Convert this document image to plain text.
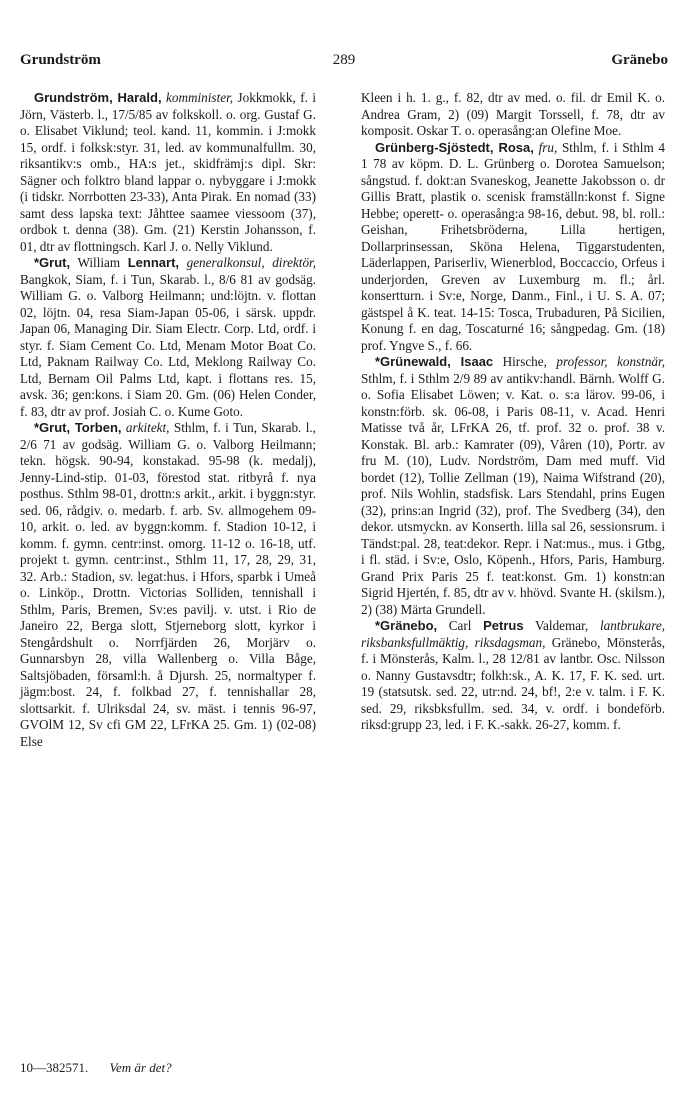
Grundström	289	Gränebo

Grundström, Harald, komminister, Jokkmokk, f. i Jörn, Västerb. l., 17/5/85 av folkskoll. o. org. Gustaf G. o. Elisabet Viklund; teol. kand. 11, kommin. i J:mokk 15, ordf. i folksk:styr. 31, led. av kommunalfullm. 30, riksantikv:s omb., HA:s jet., skidfrämj:s dipl. Skr: Sägner och folktro bland lappar o. nybyggare i J:mokk (i tidskr. Norrbotten 23-33), Anta Pirak. En nomad (33) samt dess lapska text: Jåhttee saamee viessoom (37), ordbok t. denna (38). Gm. (21) Kerstin Johansson, f. 01, dtr av flottningsch. Karl J. o. Nelly Viklund.

*Grut, William Lennart, generalkonsul, direktör, Bangkok, Siam, f. i Tun, Skarab. l., 8/6 81 av godsäg. William G. o. Valborg Heilmann; und:löjtn. v. flottan 02, löjtn. 04, resa Siam-Japan 05-06, i särsk. uppdr. Japan 06, Managing Dir. Siam Electr. Corp. Ltd, ordf. i styr. f. Siam Cement Co. Ltd, Menam Motor Boat Co. Ltd, Paknam Railway Co. Ltd, Meklong Railway Co. Ltd, Bernam Oil Palms Ltd, kapt. i flottans res. 15, avsk. 36; gen:kons. i Siam 20. Gm. (06) Helen Conder, f. 83, dtr av prof. Josiah C. o. Kume Goto.

*Grut, Torben, arkitekt, Sthlm, f. i Tun, Skarab. l., 2/6 71 av godsäg. William G. o. Valborg Heilmann; tekn. högsk. 90-94, konstakad. 95-98 (k. medalj), Jenny-Lind-stip. 01-03, förestod stat. ritbyrå f. nya posthus. Sthlm 98-01, drottn:s arkit., arkit. i byggn:styr. sed. 06, rådgiv. o. medarb. f. arb. Sv. allmogehem 09-10, arkit. o. led. av byggn:komm. f. Stadion 10-12, i komm. f. gymn. centr:inst. omorg. 11-12 o. 16-18, utf. projekt t. gymn. centr:inst., Sthlm 11, 17, 28, 29, 31, 32. Arb.: Stadion, sv. legat:hus. i Hfors, sparbk i Umeå o. Linköp., Drottn. Victorias Solliden, tennishall i Sthlm, Paris, Bremen, Sv:es pavilj. v. utst. i Rio de Janeiro 22, Berga slott, Stjerneborg slott, kyrkor i Stengårdshult o. Norrfjärden 26, Morjärv o. Gunnarsbyn 28, villa Wallenberg o. Villa Båge, Saltsjöbaden, församl:h. å Djursh. 25, normaltyper f. jägm:bost. 24, f. folkbad 27, f. tennishallar 28, slottsarkit. f. Ulriksdal 24, sv. mäst. i tennis 96-97, GVOlM 12, Sv cfi GM 22, LFrKA 25. Gm. 1) (02-08) Else

Kleen i h. 1. g., f. 82, dtr av med. o. fil. dr Emil K. o. Andrea Gram, 2) (09) Margit Torssell, f. 78, dtr av komposit. Oskar T. o. operasång:an Olefine Moe.

Grünberg-Sjöstedt, Rosa, fru, Sthlm, f. i Sthlm 4 1 78 av köpm. D. L. Grünberg o. Dorotea Samuelson; sångstud. f. dokt:an Svaneskog, Jeanette Jakobsson o. dr Gillis Bratt, plastik o. scenisk framställn:konst f. Signe Hebbe; operett- o. operasång:a 98-16, debut. 98, bl. roll.: Geishan, Frihetsbröderna, Lilla hertigen, Dollarprinsessan, Sköna Helena, Tiggarstudenten, Läderlappen, Pariserliv, Wienerblod, Boccaccio, Orfeus i underjorden, Greven av Luxemburg m. fl.; årl. konsertturn. i Sv:e, Norge, Danm., Finl., i U. S. A. 07; gästspel å K. teat. 14-15: Tosca, Trubaduren, På Sicilien, Konung f. en dag, Toscaturné 16; sångpedag. Gm. (18) prof. Yngve S., f. 66.

*Grünewald, Isaac Hirsche, professor, konstnär, Sthlm, f. i Sthlm 2/9 89 av antikv:handl. Bärnh. Wolff G. o. Sofia Elisabet Löwen; v. Kat. o. s:a lärov. 99-06, i konstn:förb. sk. 06-08, i Paris 08-11, v. Acad. Henri Matisse två år, LFrKA 26, tf. prof. 32 o. prof. 38 v. Konstak. Bl. arb.: Kamrater (09), Våren (10), Portr. av fru M. (10), Ludv. Nordström, Dam med muff. Vid bordet (12), Tollie Zellman (19), Naima Wifstrand (20), prof. Nils Wohlin, stadsfisk. Lars Stendahl, prins Eugen (32), prins:an Ingrid (32), prof. The Svedberg (34), den dekor. utsmyckn. av Konserth. lilla sal 26, sessionsrum. i Tändst:pal. 28, teat:dekor. Repr. i Nat:mus., mus. i Gtbg, i fl. städ. i Sv:e, Oslo, Köpenh., Hfors, Paris, Hamburg. Grand Prix Paris 25 f. teat:konst. Gm. 1) konstn:an Sigrid Hjertén, f. 85, dtr av v. hhövd. Svante H. (skilsm.), 2) (38) Märta Grundell.

*Gränebo, Carl Petrus Valdemar, lantbrukare, riksbanksfullmäktig, riksdagsman, Gränebo, Mönsterås, f. i Mönsterås, Kalm. l., 28 12/81 av lantbr. Osc. Nilsson o. Nanny Gustavsdtr; folkh:sk., A. K. 17, F. K. sed. urt. 19 (statsutsk. sed. 22, utr:nd. 24, bf!, 2:e v. talm. i F. K. sed. 29, riksbksfullm. sed. 34, v. ordf. i bondeförb. riksd:grupp 23, led. i F. K.-sakk. 26-27, komm. f.

10—382571. Vem är det?
